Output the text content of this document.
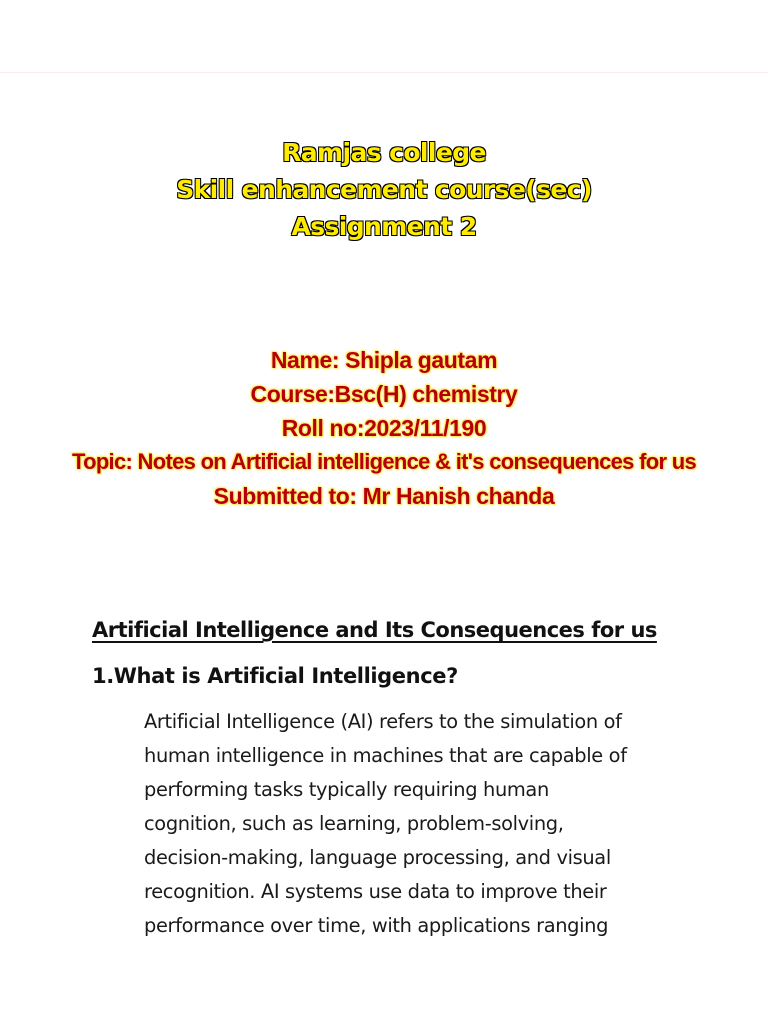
Ramjas college
Skill enhancement course(sec)
Assignment 2
Name: Shipla gautam
Course:Bsc(H) chemistry
Roll no:2023/11/190
Topic: Notes on Artificial intelligence & it's consequences for us
Submitted to: Mr Hanish chanda
Artificial Intelligence and Its Consequences for us
1.What is Artificial Intelligence?
Artificial Intelligence (AI) refers to the simulation of
human intelligence in machines that are capable of
performing tasks typically requiring human
cognition, such as learning, problem-solving,
decision-making, language processing, and visual
recognition. AI systems use data to improve their
performance over time, with applications ranging
